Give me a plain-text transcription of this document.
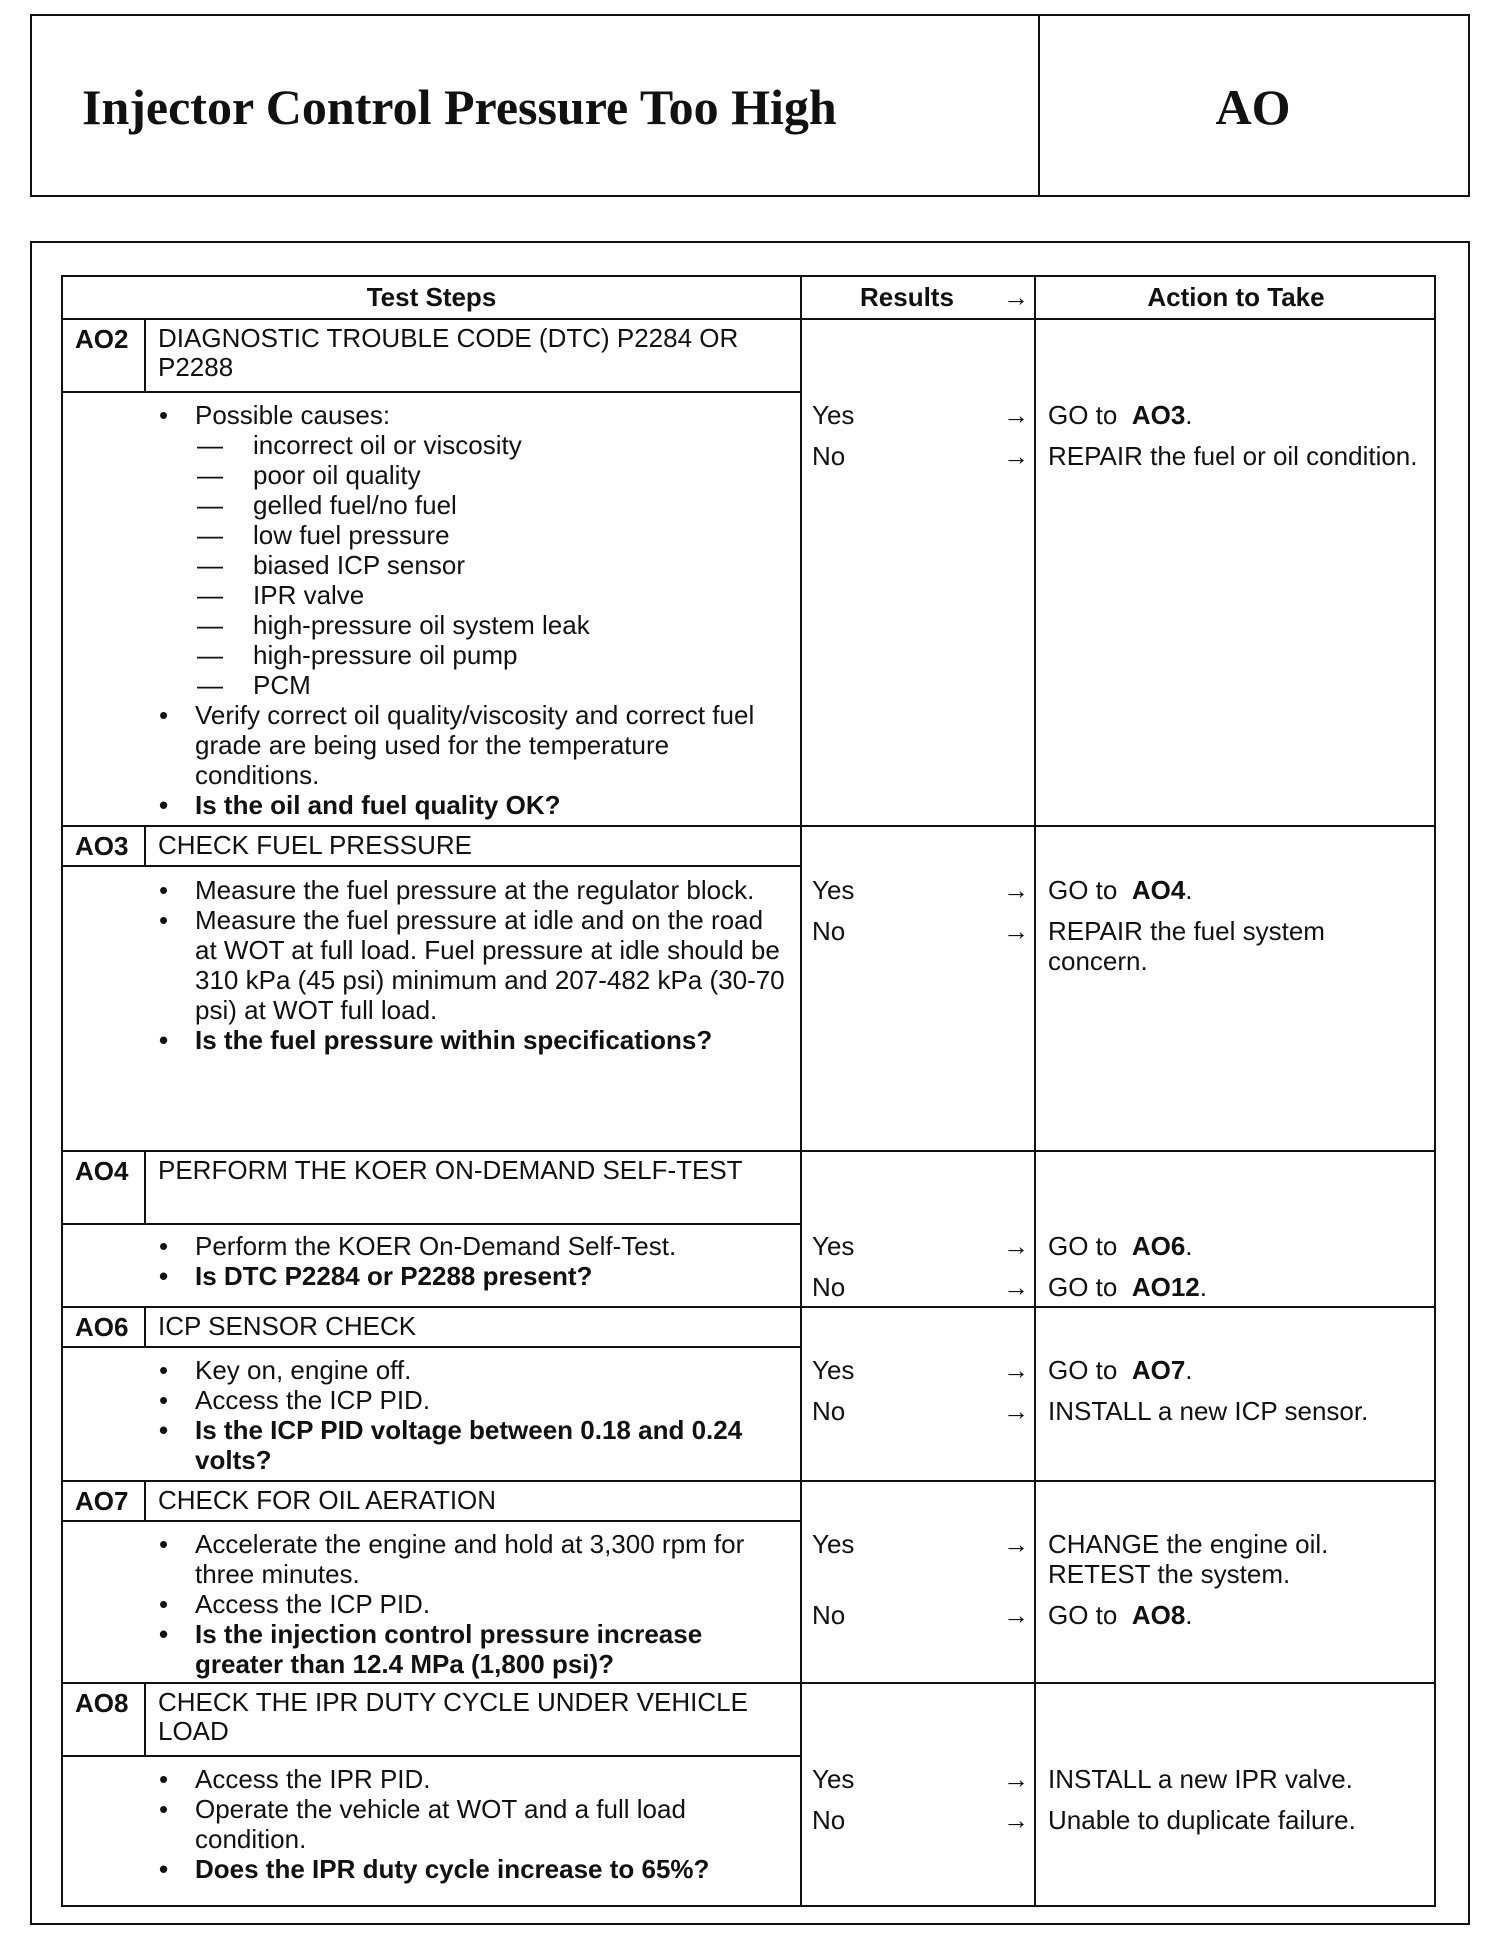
Injector Control Pressure Too High	AO
Test Steps	Results	→	Action to Take
AO2	DIAGNOSTIC TROUBLE CODE (DTC) P2284 OR P2288
• Possible causes:
— incorrect oil or viscosity
— poor oil quality
— gelled fuel/no fuel
— low fuel pressure
— biased ICP sensor
— IPR valve
— high-pressure oil system leak
— high-pressure oil pump
— PCM
• Verify correct oil quality/viscosity and correct fuel grade are being used for the temperature conditions.
• Is the oil and fuel quality OK?
Yes	→ GO to AO3.
No	→ REPAIR the fuel or oil condition.
AO3	CHECK FUEL PRESSURE
• Measure the fuel pressure at the regulator block.
• Measure the fuel pressure at idle and on the road at WOT at full load. Fuel pressure at idle should be 310 kPa (45 psi) minimum and 207-482 kPa (30-70 psi) at WOT full load.
• Is the fuel pressure within specifications?
Yes	→ GO to AO4.
No	→ REPAIR the fuel system concern.
AO4	PERFORM THE KOER ON-DEMAND SELF-TEST
• Perform the KOER On-Demand Self-Test.
• Is DTC P2284 or P2288 present?
Yes	→ GO to AO6.
No	→ GO to AO12.
AO6	ICP SENSOR CHECK
• Key on, engine off.
• Access the ICP PID.
• Is the ICP PID voltage between 0.18 and 0.24 volts?
Yes	→ GO to AO7.
No	→ INSTALL a new ICP sensor.
AO7	CHECK FOR OIL AERATION
• Accelerate the engine and hold at 3,300 rpm for three minutes.
• Access the ICP PID.
• Is the injection control pressure increase greater than 12.4 MPa (1,800 psi)?
Yes	→ CHANGE the engine oil. RETEST the system.
No	→ GO to AO8.
AO8	CHECK THE IPR DUTY CYCLE UNDER VEHICLE LOAD
• Access the IPR PID.
• Operate the vehicle at WOT and a full load condition.
• Does the IPR duty cycle increase to 65%?
Yes	→ INSTALL a new IPR valve.
No	→ Unable to duplicate failure.
